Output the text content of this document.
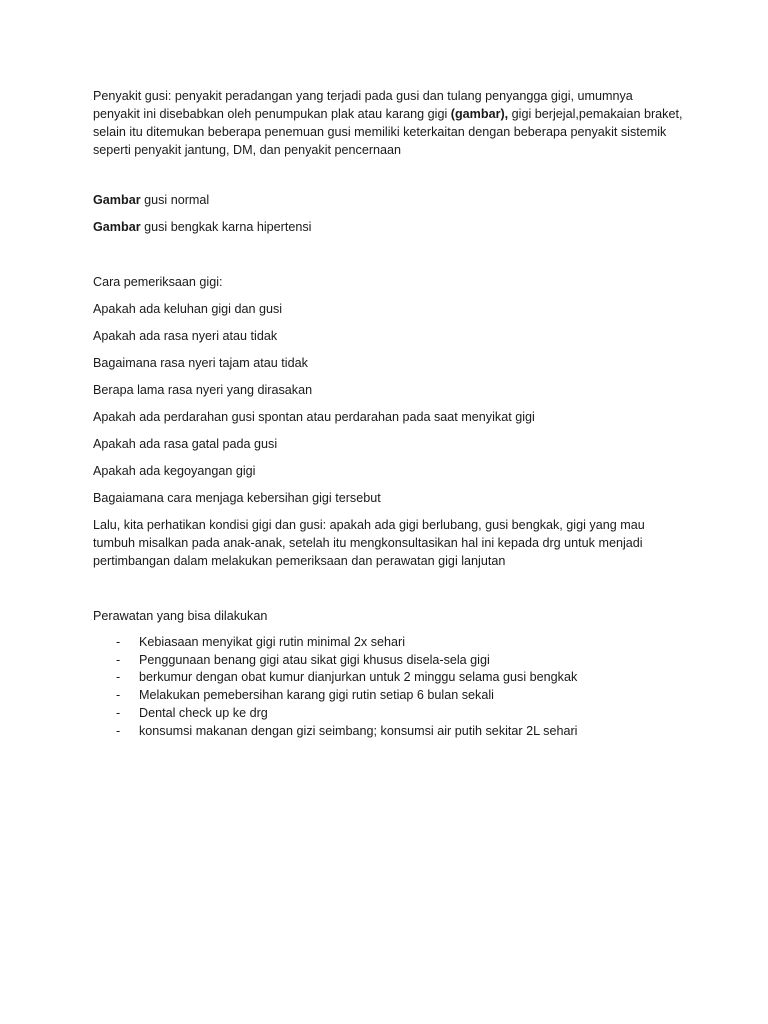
Penyakit gusi: penyakit peradangan yang terjadi pada gusi dan tulang penyangga gigi, umumnya penyakit ini disebabkan oleh penumpukan plak atau karang gigi (gambar), gigi berjejal,pemakaian braket, selain itu ditemukan beberapa penemuan gusi memiliki keterkaitan dengan beberapa penyakit sistemik seperti penyakit jantung, DM, dan penyakit pencernaan

Gambar gusi normal

Gambar gusi bengkak karna hipertensi

Cara pemeriksaan gigi:

Apakah ada keluhan gigi dan gusi

Apakah ada rasa nyeri atau tidak

Bagaimana rasa nyeri tajam atau tidak

Berapa lama rasa nyeri yang dirasakan

Apakah ada perdarahan gusi spontan atau perdarahan pada saat menyikat gigi

Apakah ada rasa gatal pada gusi

Apakah ada kegoyangan gigi

Bagaiamana cara menjaga kebersihan gigi tersebut

Lalu, kita perhatikan kondisi gigi dan gusi: apakah ada gigi berlubang, gusi bengkak, gigi yang mau tumbuh misalkan pada anak-anak, setelah itu mengkonsultasikan hal ini kepada drg untuk menjadi pertimbangan dalam melakukan pemeriksaan dan perawatan gigi lanjutan

Perawatan yang bisa dilakukan

- Kebiasaan menyikat gigi rutin minimal 2x sehari
- Penggunaan benang gigi atau sikat gigi khusus disela-sela gigi
- berkumur dengan obat kumur dianjurkan untuk 2 minggu selama gusi bengkak
- Melakukan pemebersihan karang gigi rutin setiap 6 bulan sekali
- Dental check up ke drg
- konsumsi makanan dengan gizi seimbang; konsumsi air putih sekitar 2L sehari
